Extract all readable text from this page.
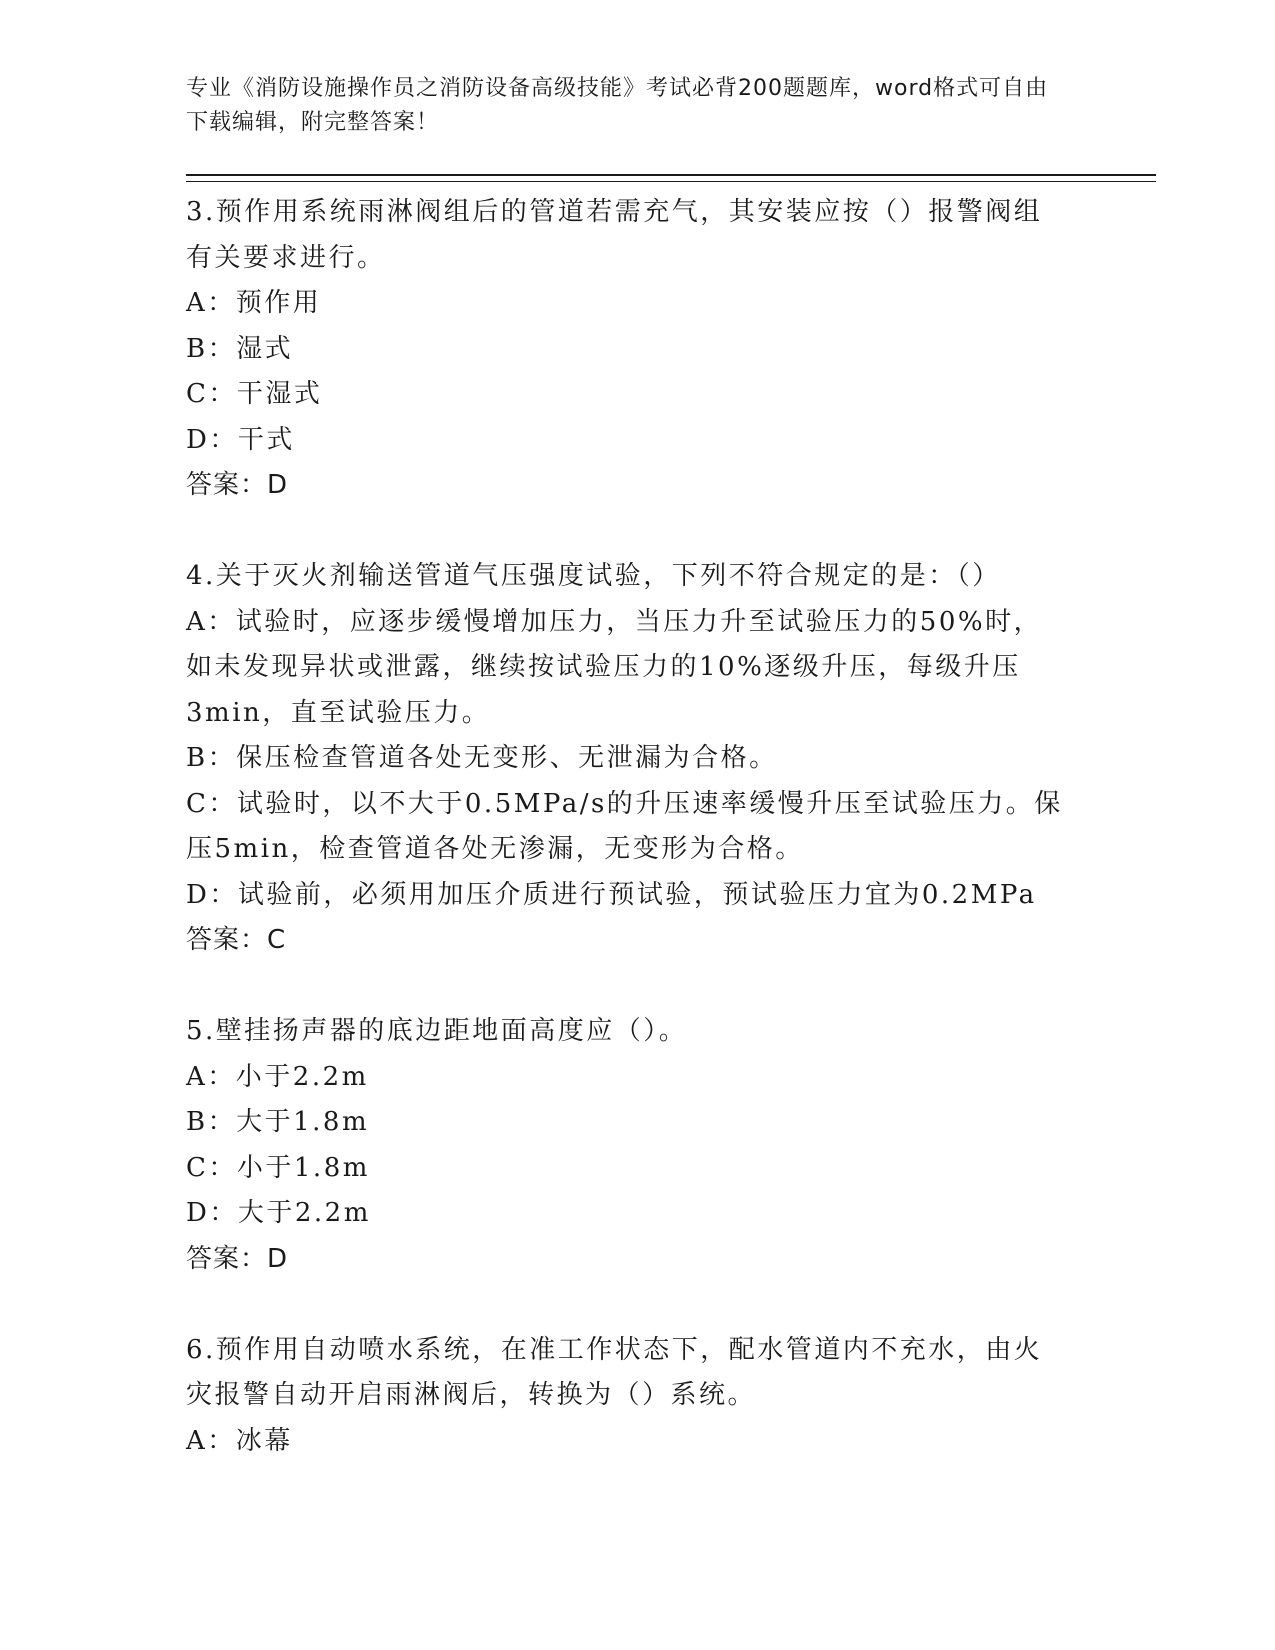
专业《消防设施操作员之消防设备高级技能》考试必背200题题库，word格式可自由下载编辑，附完整答案！
3.预作用系统雨淋阀组后的管道若需充气，其安装应按（）报警阀组有关要求进行。
A：预作用
B：湿式
C：干湿式
D：干式
答案：D
4.关于灭火剂输送管道气压强度试验，下列不符合规定的是：（）
A：试验时，应逐步缓慢增加压力，当压力升至试验压力的50%时，如未发现异状或泄露，继续按试验压力的10%逐级升压，每级升压3min，直至试验压力。
B：保压检查管道各处无变形、无泄漏为合格。
C：试验时，以不大于0.5MPa/s的升压速率缓慢升压至试验压力。保压5min，检查管道各处无渗漏，无变形为合格。
D：试验前，必须用加压介质进行预试验，预试验压力宜为0.2MPa
答案：C
5.壁挂扬声器的底边距地面高度应（）。
A：小于2.2m
B：大于1.8m
C：小于1.8m
D：大于2.2m
答案：D
6.预作用自动喷水系统，在准工作状态下，配水管道内不充水，由火灾报警自动开启雨淋阀后，转换为（）系统。
A：冰幕
